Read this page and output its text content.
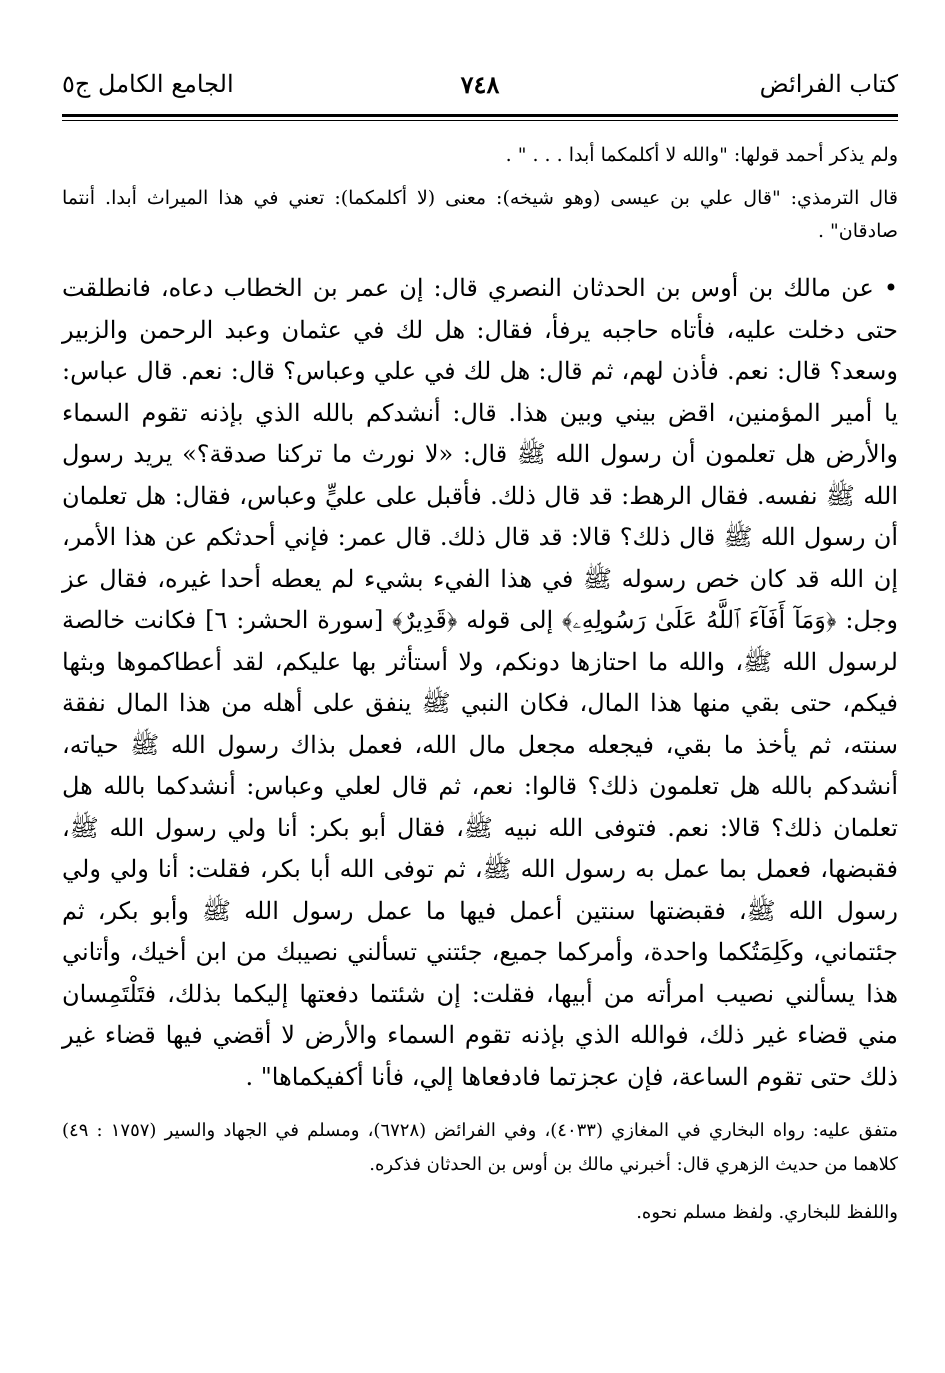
كتاب الفرائض
٧٤٨
الجامع الكامل ج٥

ولم يذكر أحمد قولها: "والله لا أكلمكما أبدا . . . " .

قال الترمذي: "قال علي بن عيسى (وهو شيخه): معنى (لا أكلمكما): تعني في هذا الميراث أبدا. أنتما صادقان" .

• عن مالك بن أوس بن الحدثان النصري قال: إن عمر بن الخطاب دعاه، فانطلقت حتى دخلت عليه، فأتاه حاجبه يرفأ، فقال: هل لك في عثمان وعبد الرحمن والزبير وسعد؟ قال: نعم. فأذن لهم، ثم قال: هل لك في علي وعباس؟ قال: نعم. قال عباس: يا أمير المؤمنين، اقض بيني وبين هذا. قال: أنشدكم بالله الذي بإذنه تقوم السماء والأرض هل تعلمون أن رسول الله ﷺ قال: «لا نورث ما تركنا صدقة؟» يريد رسول الله ﷺ نفسه. فقال الرهط: قد قال ذلك. فأقبل على عليٍّ وعباس، فقال: هل تعلمان أن رسول الله ﷺ قال ذلك؟ قالا: قد قال ذلك. قال عمر: فإني أحدثكم عن هذا الأمر، إن الله قد كان خص رسوله ﷺ في هذا الفيء بشيء لم يعطه أحدا غيره، فقال عز وجل: ﴿وَمَآ أَفَآءَ ٱللَّهُ عَلَىٰ رَسُولِهِۦ﴾ إلى قوله ﴿قَدِيرٌ﴾ [سورة الحشر: ٦] فكانت خالصة لرسول الله ﷺ، والله ما احتازها دونكم، ولا أستأثر بها عليكم، لقد أعطاكموها وبثها فيكم، حتى بقي منها هذا المال، فكان النبي ﷺ ينفق على أهله من هذا المال نفقة سنته، ثم يأخذ ما بقي، فيجعله مجعل مال الله، فعمل بذاك رسول الله ﷺ حياته، أنشدكم بالله هل تعلمون ذلك؟ قالوا: نعم، ثم قال لعلي وعباس: أنشدكما بالله هل تعلمان ذلك؟ قالا: نعم. فتوفى الله نبيه ﷺ، فقال أبو بكر: أنا ولي رسول الله ﷺ، فقبضها، فعمل بما عمل به رسول الله ﷺ، ثم توفى الله أبا بكر، فقلت: أنا ولي ولي رسول الله ﷺ، فقبضتها سنتين أعمل فيها ما عمل رسول الله ﷺ وأبو بكر، ثم جئتماني، وكَلِمَتُكما واحدة، وأمركما جميع، جئتني تسألني نصيبك من ابن أخيك، وأتاني هذا يسألني نصيب امرأته من أبيها، فقلت: إن شئتما دفعتها إليكما بذلك، فتَلْتَمِسان مني قضاء غير ذلك، فوالله الذي بإذنه تقوم السماء والأرض لا أقضي فيها قضاء غير ذلك حتى تقوم الساعة، فإن عجزتما فادفعاها إلي، فأنا أكفيكماها" .

متفق عليه: رواه البخاري في المغازي (٤٠٣٣)، وفي الفرائض (٦٧٢٨)، ومسلم في الجهاد والسير (١٧٥٧ : ٤٩) كلاهما من حديث الزهري قال: أخبرني مالك بن أوس بن الحدثان فذكره.

واللفظ للبخاري. ولفظ مسلم نحوه.
